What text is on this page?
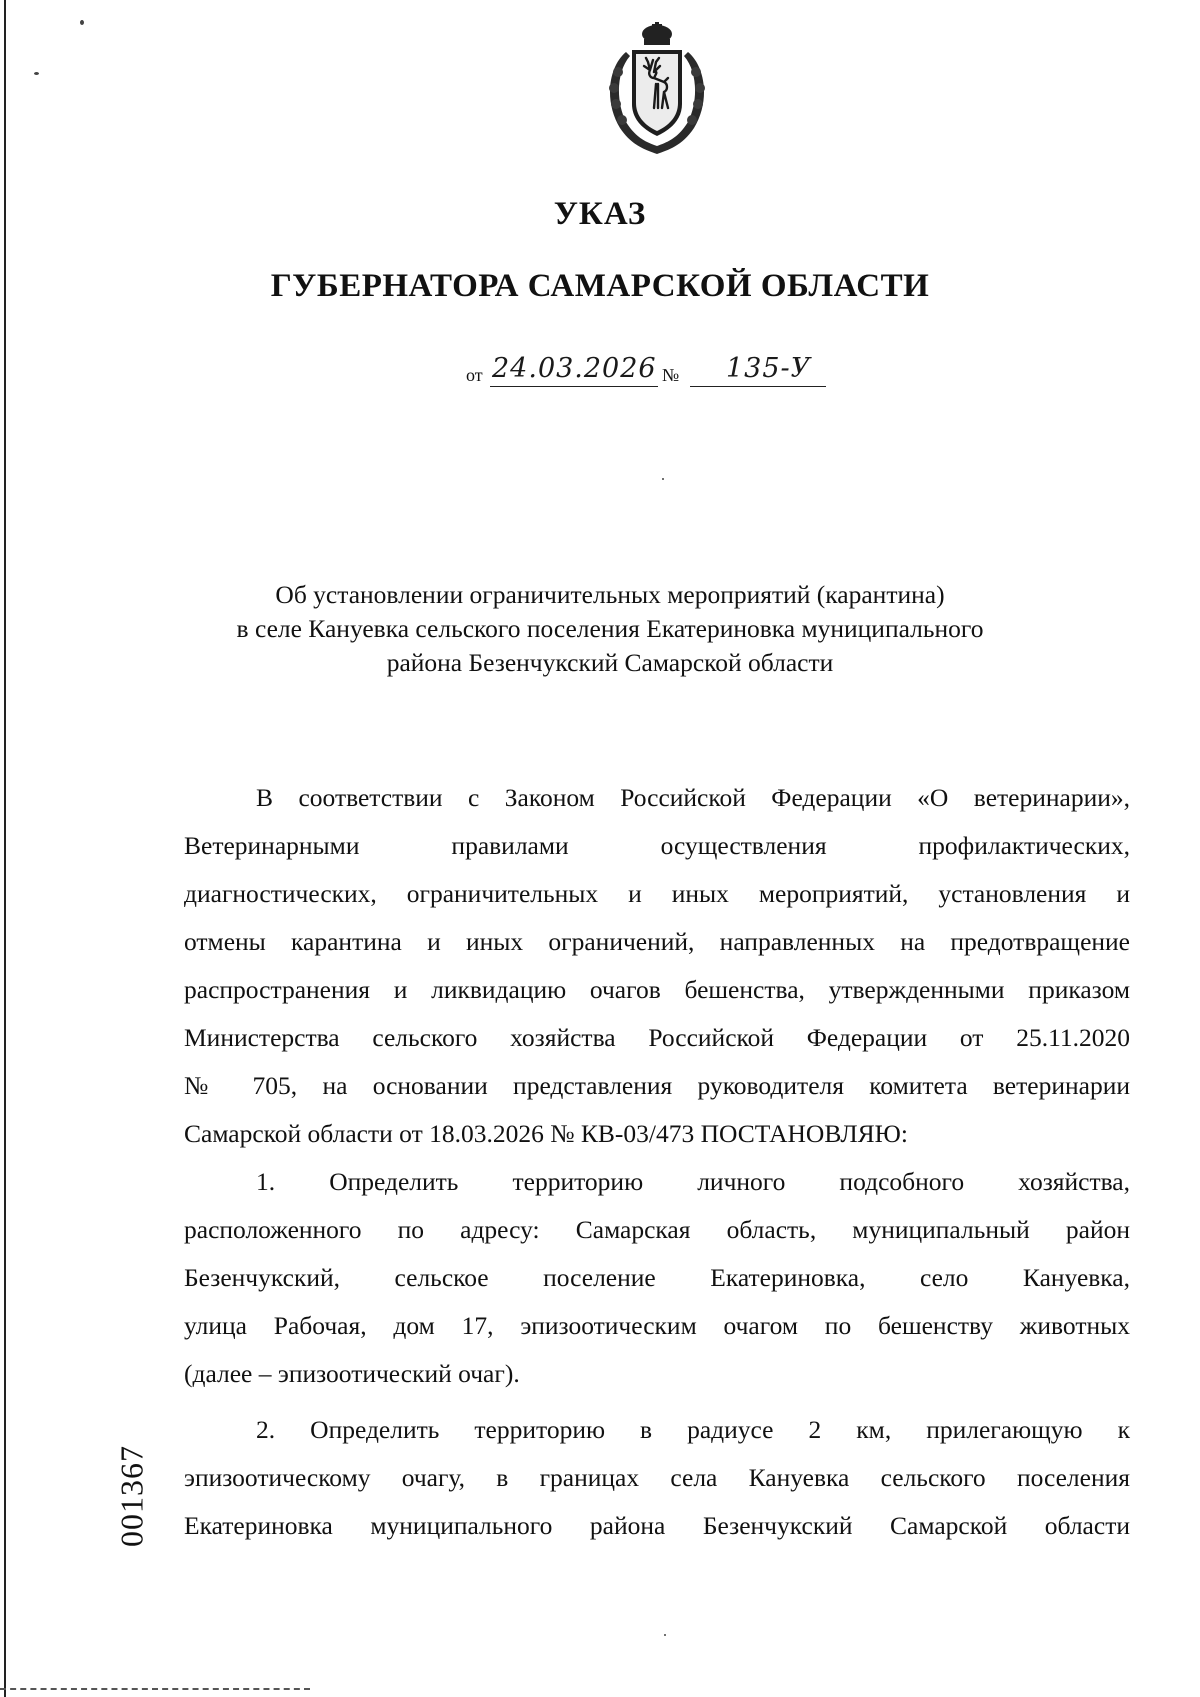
УКАЗ
ГУБЕРНАТОРА САМАРСКОЙ ОБЛАСТИ
от 24.03.2026 № 135-У
Об установлении ограничительных мероприятий (карантина)
в селе Кануевка сельского поселения Екатериновка муниципального
района Безенчукский Самарской области
В соответствии с Законом Российской Федерации «О ветеринарии»,
Ветеринарными правилами осуществления профилактических,
диагностических, ограничительных и иных мероприятий, установления и
отмены карантина и иных ограничений, направленных на предотвращение
распространения и ликвидацию очагов бешенства, утвержденными приказом
Министерства сельского хозяйства Российской Федерации от 25.11.2020
№ 705, на основании представления руководителя комитета ветеринарии
Самарской области от 18.03.2026 № КВ-03/473 ПОСТАНОВЛЯЮ:
1. Определить территорию личного подсобного хозяйства,
расположенного по адресу: Самарская область, муниципальный район
Безенчукский, сельское поселение Екатериновка, село Кануевка,
улица Рабочая, дом 17, эпизоотическим очагом по бешенству животных
(далее – эпизоотический очаг).
2. Определить территорию в радиусе 2 км, прилегающую к
эпизоотическому очагу, в границах села Кануевка сельского поселения
Екатериновка муниципального района Безенчукский Самарской области
001367
